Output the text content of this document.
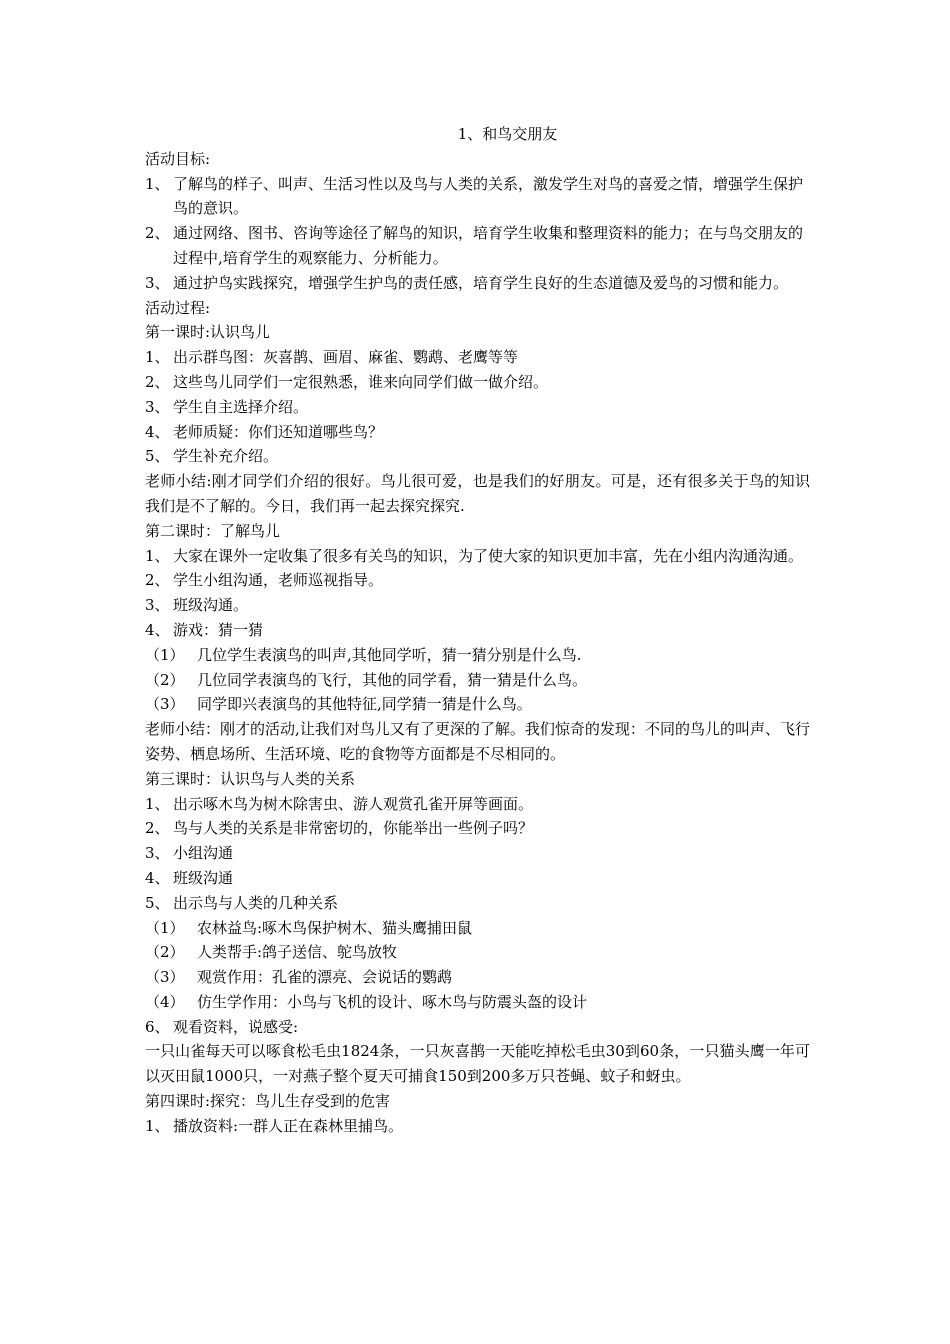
1、和鸟交朋友
活动目标:
1、 了解鸟的样子、叫声、生活习性以及鸟与人类的关系，激发学生对鸟的喜爱之情，增强学生保护鸟的意识。
2、 通过网络、图书、咨询等途径了解鸟的知识，培育学生收集和整理资料的能力；在与鸟交朋友的过程中,培育学生的观察能力、分析能力。
3、 通过护鸟实践探究，增强学生护鸟的责任感，培育学生良好的生态道德及爱鸟的习惯和能力。
活动过程:
第一课时:认识鸟儿
1、 出示群鸟图：灰喜鹊、画眉、麻雀、鹦鹉、老鹰等等
2、 这些鸟儿同学们一定很熟悉，谁来向同学们做一做介绍。
3、 学生自主选择介绍。
4、 老师质疑：你们还知道哪些鸟？
5、 学生补充介绍。
老师小结:刚才同学们介绍的很好。鸟儿很可爱，也是我们的好朋友。可是，还有很多关于鸟的知识我们是不了解的。今日，我们再一起去探究探究.
第二课时：了解鸟儿
1、 大家在课外一定收集了很多有关鸟的知识，为了使大家的知识更加丰富，先在小组内沟通沟通。
2、 学生小组沟通，老师巡视指导。
3、 班级沟通。
4、 游戏：猜一猜
（1） 几位学生表演鸟的叫声,其他同学听，猜一猜分别是什么鸟.
（2） 几位同学表演鸟的飞行，其他的同学看，猜一猜是什么鸟。
（3） 同学即兴表演鸟的其他特征,同学猜一猜是什么鸟。
老师小结：刚才的活动,让我们对鸟儿又有了更深的了解。我们惊奇的发现：不同的鸟儿的叫声、飞行姿势、栖息场所、生活环境、吃的食物等方面都是不尽相同的。
第三课时：认识鸟与人类的关系
1、 出示啄木鸟为树木除害虫、游人观赏孔雀开屏等画面。
2、 鸟与人类的关系是非常密切的，你能举出一些例子吗？
3、 小组沟通
4、 班级沟通
5、 出示鸟与人类的几种关系
（1） 农林益鸟:啄木鸟保护树木、猫头鹰捕田鼠
（2） 人类帮手:鸽子送信、鸵鸟放牧
（3） 观赏作用：孔雀的漂亮、会说话的鹦鹉
（4） 仿生学作用：小鸟与飞机的设计、啄木鸟与防震头盔的设计
6、 观看资料，说感受:
一只山雀每天可以啄食松毛虫1824条，一只灰喜鹊一天能吃掉松毛虫30到60条，一只猫头鹰一年可以灭田鼠1000只，一对燕子整个夏天可捕食150到200多万只苍蝇、蚊子和蚜虫。
第四课时:探究：鸟儿生存受到的危害
1、 播放资料:一群人正在森林里捕鸟。
